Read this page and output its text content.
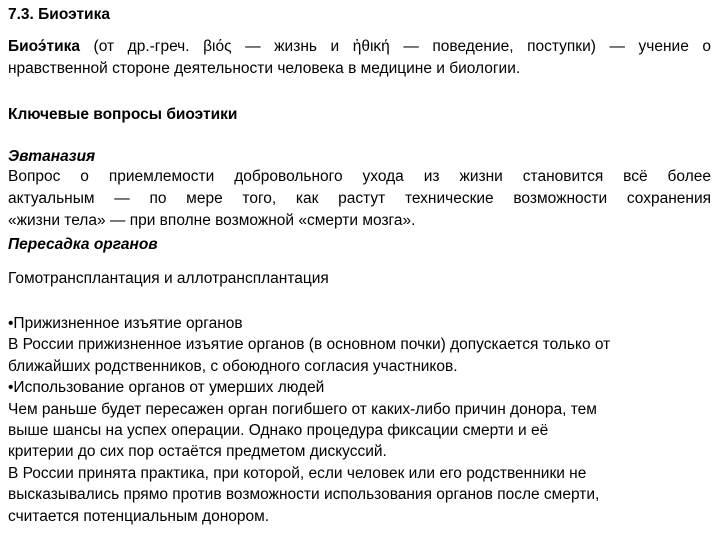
7.3. Биоэтика
Биоэ́тика (от др.-греч. βιός — жизнь и ἠθική — поведение, поступки) — учение о
нравственной стороне деятельности человека в медицине и биологии.
Ключевые вопросы биоэтики
Эвтаназия
Вопрос о приемлемости добровольного ухода из жизни становится всё более
актуальным — по мере того, как растут технические возможности сохранения
«жизни тела» — при вполне возможной «смерти мозга».
Пересадка органов
Гомотрансплантация и аллотрансплантация
•Прижизненное изъятие органов
В России прижизненное изъятие органов (в основном почки) допускается только от
ближайших родственников, с обоюдного согласия участников.
•Использование органов от умерших людей
Чем раньше будет пересажен орган погибшего от каких-либо причин донора, тем
выше шансы на успех операции. Однако процедура фиксации смерти и её
критерии до сих пор остаётся предметом дискуссий.
В России принята практика, при которой, если человек или его родственники не
высказывались прямо против возможности использования органов после смерти,
считается потенциальным донором.
